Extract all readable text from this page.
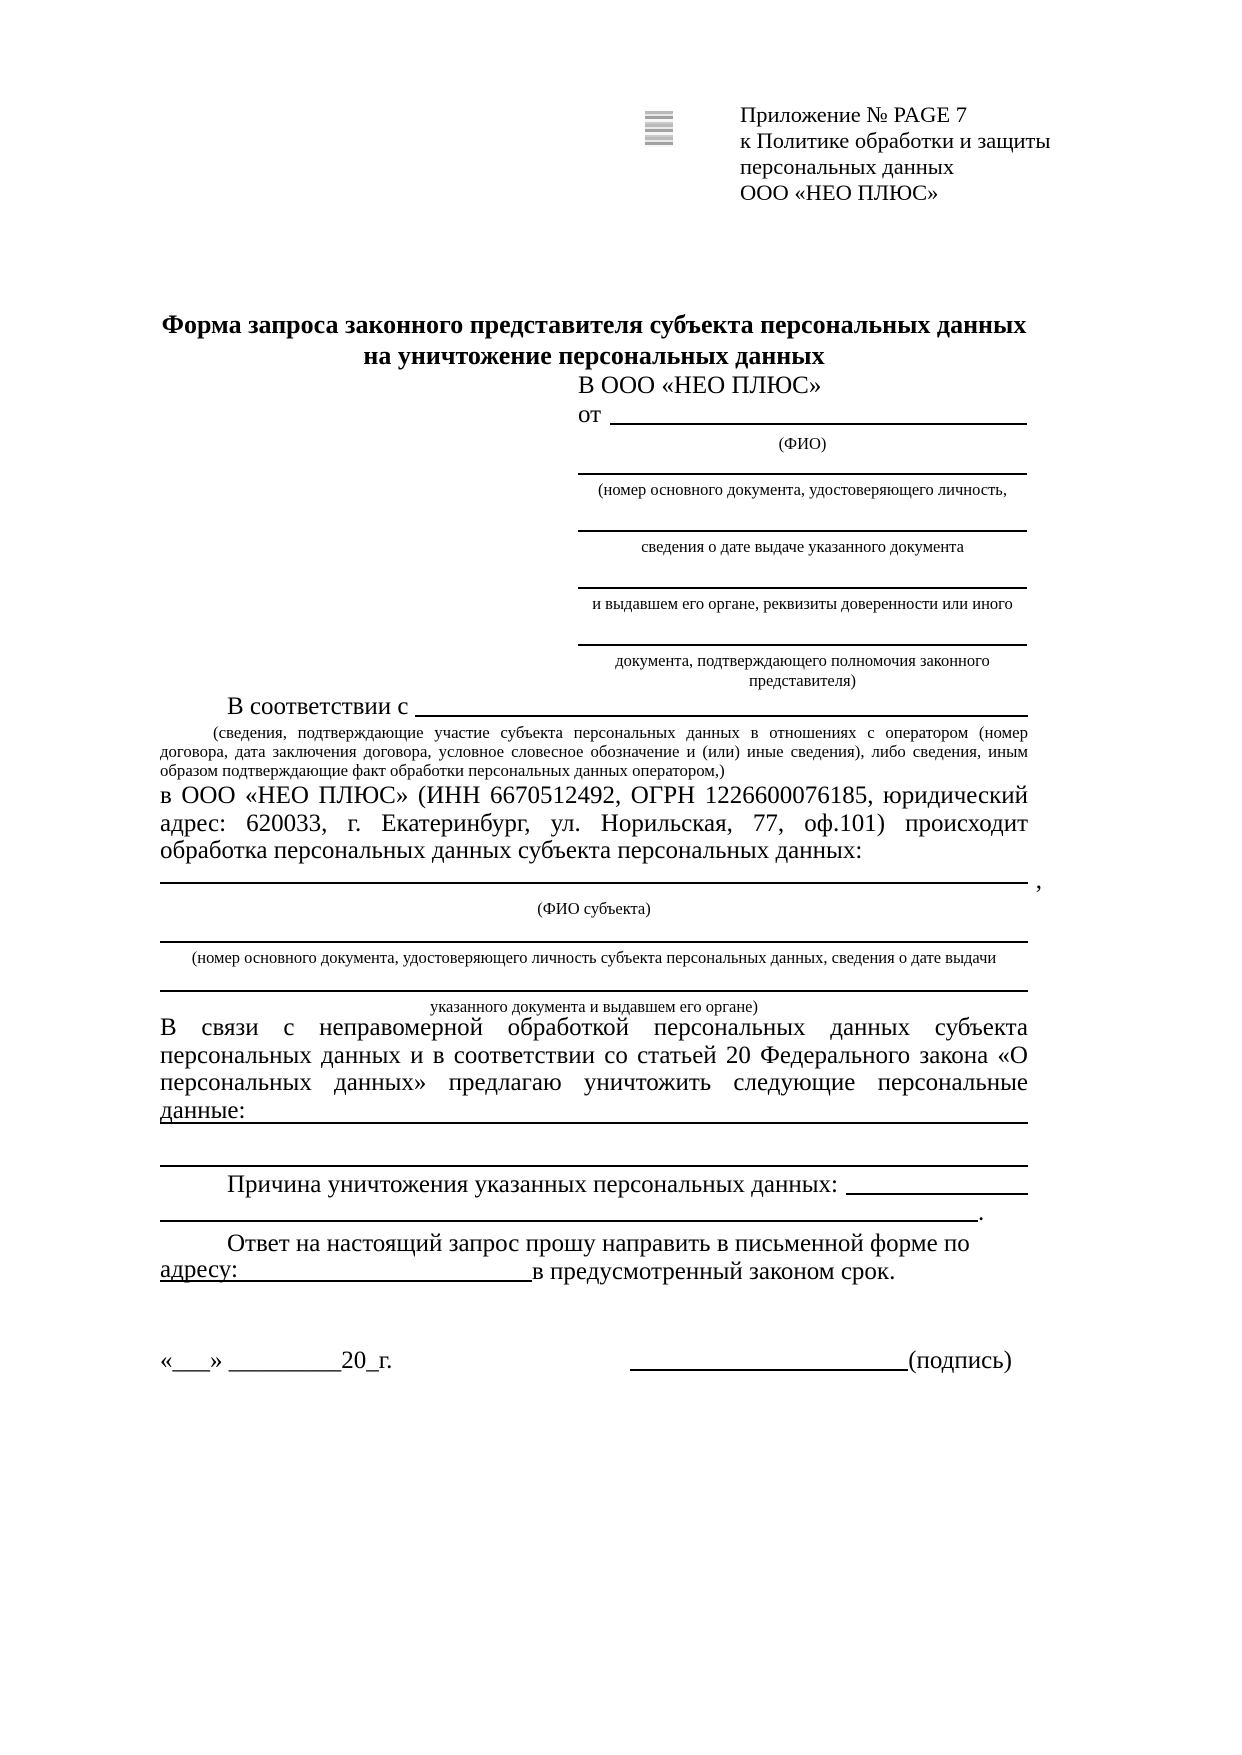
Приложение № PAGE 7
к Политике обработки и защиты
персональных данных
ООО «НЕО ПЛЮС»
Форма запроса законного представителя субъекта персональных данных
на уничтожение персональных данных
В ООО «НЕО ПЛЮС»
от
(ФИО)
(номер основного документа, удостоверяющего личность,
сведения о дате выдаче указанного документа
и выдавшем его органе, реквизиты доверенности или иного
документа, подтверждающего полномочия законного представителя)
В соответствии с
(сведения, подтверждающие участие субъекта персональных данных в отношениях с оператором (номер договора, дата заключения договора, условное словесное обозначение и (или) иные сведения), либо сведения, иным образом подтверждающие факт обработки персональных данных оператором,)
в ООО «НЕО ПЛЮС» (ИНН 6670512492, ОГРН 1226600076185, юридический адрес: 620033, г. Екатеринбург, ул. Норильская, 77, оф.101) происходит обработка персональных данных субъекта персональных данных:
,
(ФИО субъекта)
(номер основного документа, удостоверяющего личность субъекта персональных данных, сведения о дате выдачи
указанного документа и выдавшем его органе)
В связи с неправомерной обработкой персональных данных субъекта персональных данных и в соответствии со статьей 20 Федерального закона «О персональных данных» предлагаю уничтожить следующие персональные данные:
Причина уничтожения указанных персональных данных:
.
Ответ на настоящий запрос прошу направить в письменной форме по адресу:	в предусмотренный законом срок.
«___» _________20_г.	(подпись)
